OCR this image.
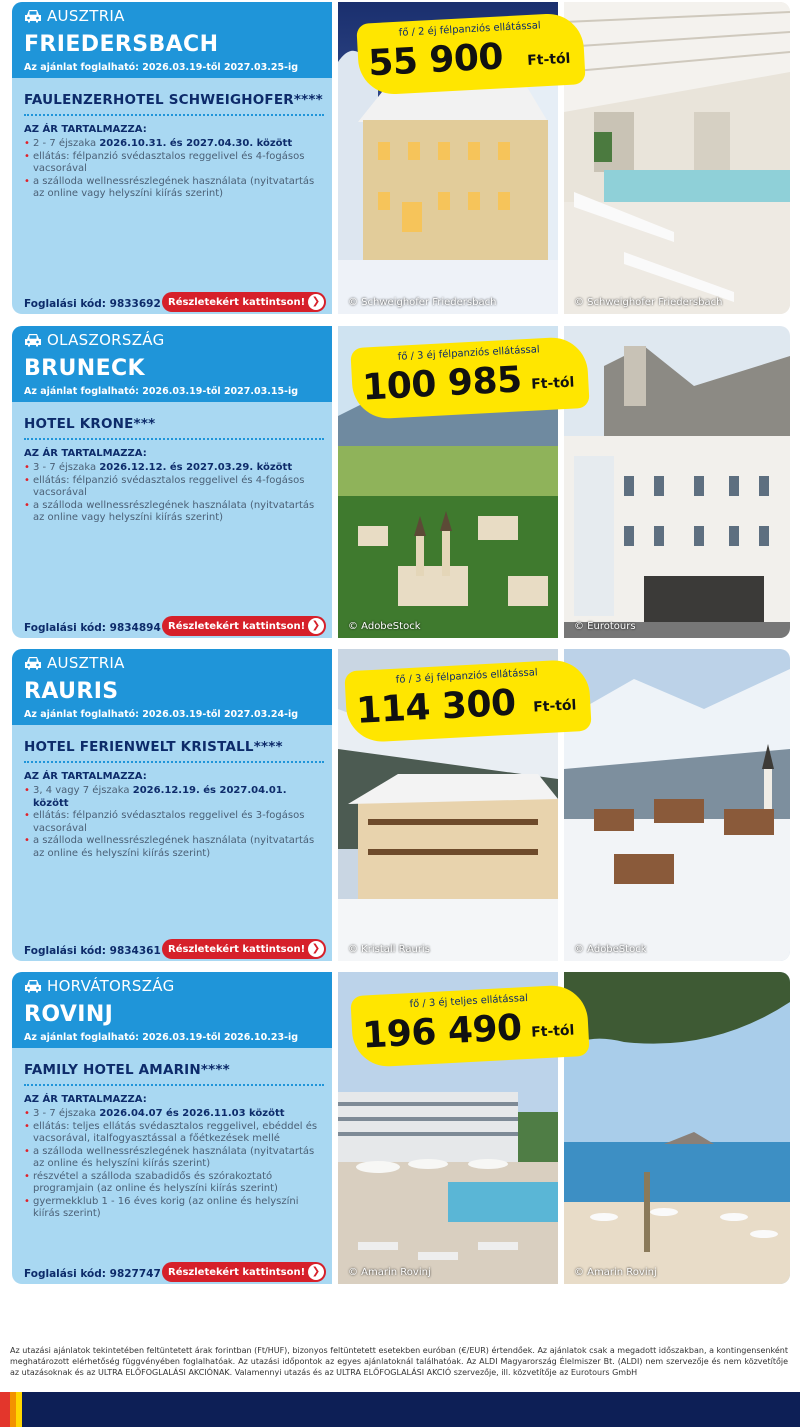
AUSZTRIA
FRIEDERSBACH
Az ajánlat foglalható: 2026.03.19-től 2027.03.25-ig
FAULENZERHOTEL SCHWEIGHOFER****
AZ ÁR TARTALMAZZA:
• 2 - 7 éjszaka 2026.10.31. és 2027.04.30. között
• ellátás: félpanzió svédasztalos reggelivel és 4-fogásos vacsorával
• a szálloda wellnessrészlegének használata (nyitvatartás az online vagy helyszíni kiírás szerint)
Foglalási kód: 9833692 Részletekért kattintson! ❯	© Schweighofer Friedersbach	© Schweighofer Friedersbach
fő / 2 éj félpanziós ellátással
55 900 Ft-tól
OLASZORSZÁG
BRUNECK
Az ajánlat foglalható: 2026.03.19-től 2027.03.15-ig
HOTEL KRONE***
AZ ÁR TARTALMAZZA:
• 3 - 7 éjszaka 2026.12.12. és 2027.03.29. között
• ellátás: félpanzió svédasztalos reggelivel és 4-fogásos vacsorával
• a szálloda wellnessrészlegének használata (nyitvatartás az online vagy helyszíni kiírás szerint)
Foglalási kód: 9834894 Részletekért kattintson! ❯	© AdobeStock	© Eurotours
fő / 3 éj félpanziós ellátással
100 985 Ft-tól
AUSZTRIA
RAURIS
Az ajánlat foglalható: 2026.03.19-től 2027.03.24-ig
HOTEL FERIENWELT KRISTALL****
AZ ÁR TARTALMAZZA:
• 3, 4 vagy 7 éjszaka 2026.12.19. és 2027.04.01. között
• ellátás: félpanzió svédasztalos reggelivel és 3-fogásos vacsorával
• a szálloda wellnessrészlegének használata (nyitvatartás az online és helyszíni kiírás szerint)
Foglalási kód: 9834361 Részletekért kattintson! ❯	© Kristall Rauris	© AdobeStock
fő / 3 éj félpanziós ellátással
114 300 Ft-tól
HORVÁTORSZÁG
ROVINJ
Az ajánlat foglalható: 2026.03.19-től 2026.10.23-ig
FAMILY HOTEL AMARIN****
AZ ÁR TARTALMAZZA:
• 3 - 7 éjszaka 2026.04.07 és 2026.11.03 között
• ellátás: teljes ellátás svédasztalos reggelivel, ebéddel és vacsorával, italfogyasztással a főétkezések mellé
• a szálloda wellnessrészlegének használata (nyitvatartás az online és helyszíni kiírás szerint)
• részvétel a szálloda szabadidős és szórakoztató programjain (az online és helyszíni kiírás szerint)
• gyermekklub 1 - 16 éves korig (az online és helyszíni kiírás szerint)
Foglalási kód: 9827747 Részletekért kattintson! ❯	© Amarin Rovinj	© Amarin Rovinj
fő / 3 éj teljes ellátással
196 490 Ft-tól
Az utazási ajánlatok tekintetében feltüntetett árak forintban (Ft/HUF), bizonyos feltüntetett esetekben euróban (€/EUR) értendőek. Az ajánlatok csak a megadott időszakban, a kontingensenként meghatározott elérhetőség függvényében foglalhatóak. Az utazási időpontok az egyes ajánlatoknál találhatóak. Az ALDI Magyarország Élelmiszer Bt. (ALDI) nem szervezője és nem közvetítője az utazásoknak és az ULTRA ELŐFOGLALÁSI AKCIÓNAK. Valamennyi utazás és az ULTRA ELŐFOGLALÁSI AKCIÓ szervezője, ill. közvetítője az Eurotours GmbH
